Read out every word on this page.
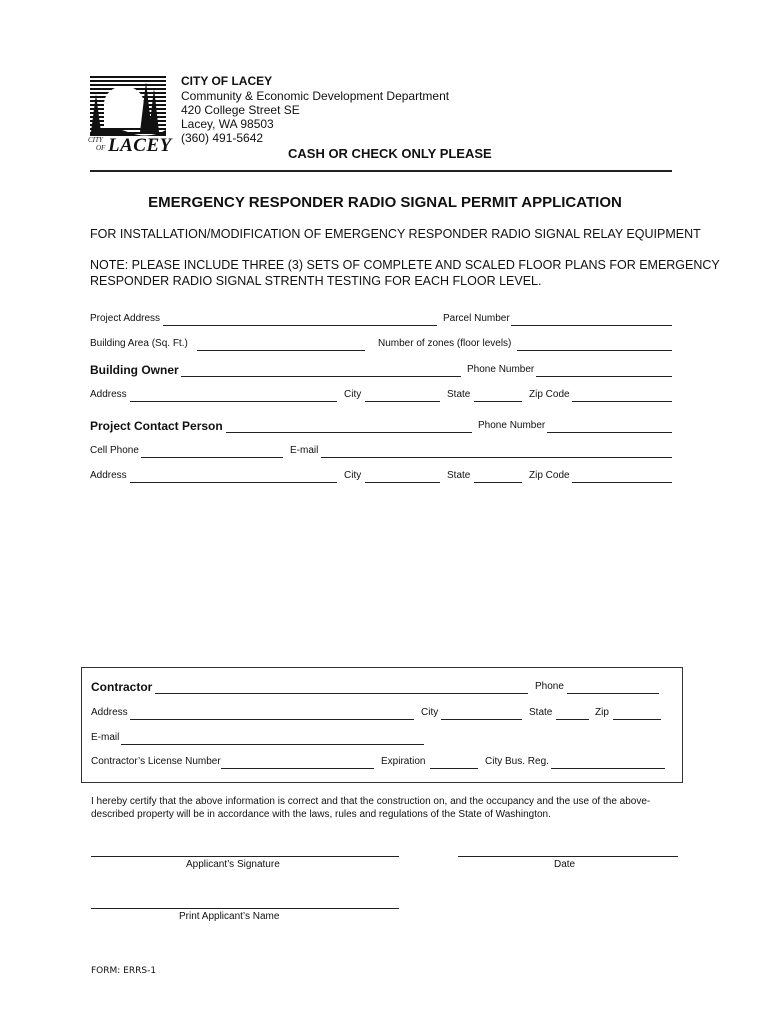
CITY
OF LACEY
CITY OF LACEY
Community & Economic Development Department
420 College Street SE
Lacey, WA 98503
(360) 491-5642
CASH OR CHECK ONLY PLEASE
EMERGENCY RESPONDER RADIO SIGNAL PERMIT APPLICATION
FOR INSTALLATION/MODIFICATION OF EMERGENCY RESPONDER RADIO SIGNAL RELAY EQUIPMENT
NOTE: PLEASE INCLUDE THREE (3) SETS OF COMPLETE AND SCALED FLOOR PLANS FOR EMERGENCY
RESPONDER RADIO SIGNAL STRENTH TESTING FOR EACH FLOOR LEVEL.
Project Address	Parcel Number
Building Area (Sq. Ft.)	Number of zones (floor levels)
Building Owner	Phone Number
Address	City	State	Zip Code
Project Contact Person	Phone Number
Cell Phone	E-mail
Address	City	State	Zip Code
Contractor	Phone
Address	City	State	Zip
E-mail
Contractor’s License Number	Expiration	City Bus. Reg.
I hereby certify that the above information is correct and that the construction on, and the occupancy and the use of the above-
described property will be in accordance with the laws, rules and regulations of the State of Washington.
Applicant’s Signature	Date
Print Applicant’s Name
FORM: ERRS-1
